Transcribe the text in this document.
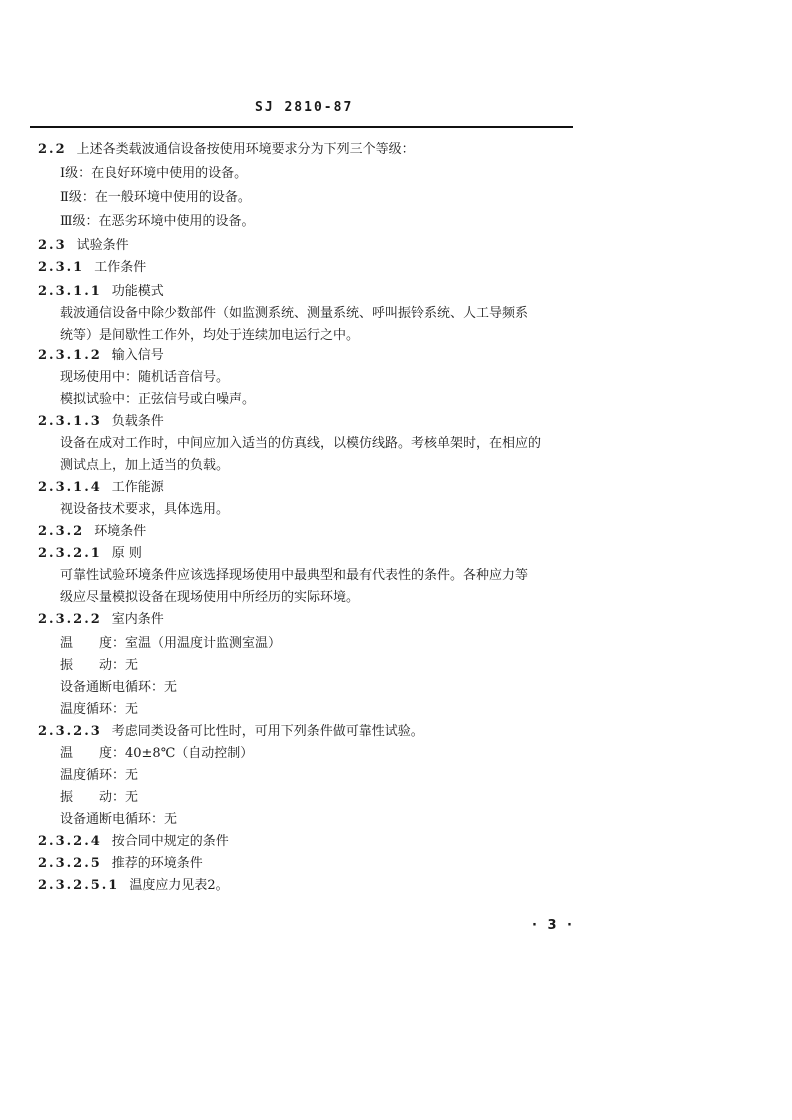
SJ 2810-87
2.2 上述各类载波通信设备按使用环境要求分为下列三个等级：
Ⅰ级：在良好环境中使用的设备。
Ⅱ级：在一般环境中使用的设备。
Ⅲ级：在恶劣环境中使用的设备。
2.3 试验条件
2.3.1 工作条件
2.3.1.1 功能模式
载波通信设备中除少数部件（如监测系统、测量系统、呼叫振铃系统、人工导频系
统等）是间歇性工作外，均处于连续加电运行之中。
2.3.1.2 输入信号
现场使用中：随机话音信号。
模拟试验中：正弦信号或白噪声。
2.3.1.3 负载条件
设备在成对工作时，中间应加入适当的仿真线，以模仿线路。考核单架时，在相应的
测试点上，加上适当的负载。
2.3.1.4 工作能源
视设备技术要求，具体选用。
2.3.2 环境条件
2.3.2.1 原 则
可靠性试验环境条件应该选择现场使用中最典型和最有代表性的条件。各种应力等
级应尽量模拟设备在现场使用中所经历的实际环境。
2.3.2.2 室内条件
温　　度：室温（用温度计监测室温）
振　　动：无
设备通断电循环：无
温度循环：无
2.3.2.3 考虑同类设备可比性时，可用下列条件做可靠性试验。
温　　度：40±8℃（自动控制）
温度循环：无
振　　动：无
设备通断电循环：无
2.3.2.4 按合同中规定的条件
2.3.2.5 推荐的环境条件
2.3.2.5.1 温度应力见表2。
· 3 ·
